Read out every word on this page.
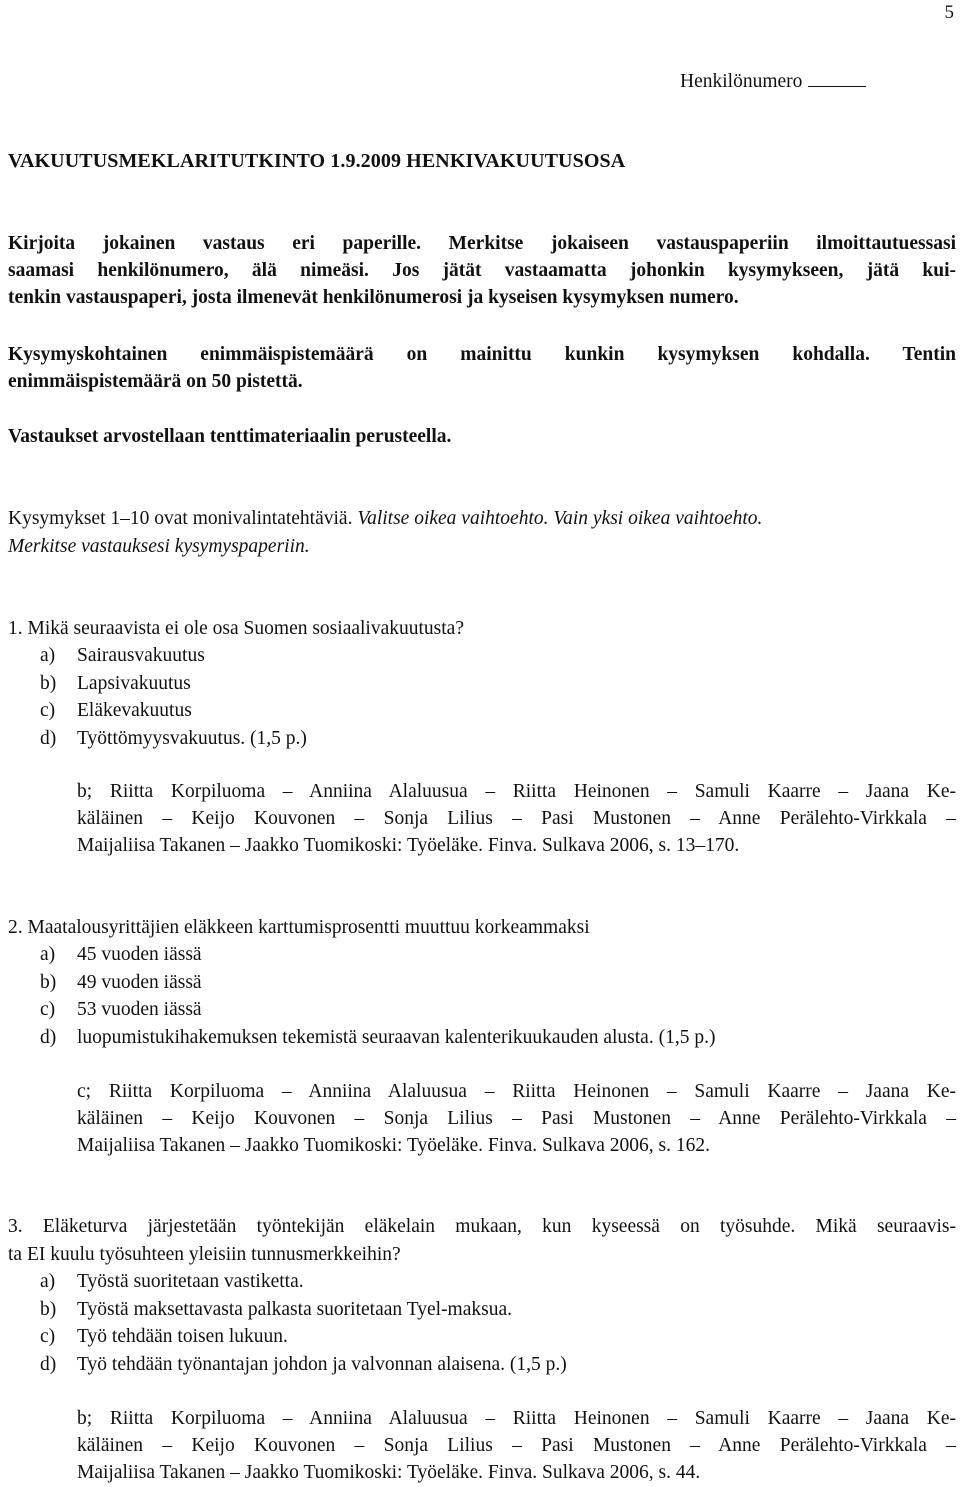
5
Henkilönumero
VAKUUTUSMEKLARITUTKINTO 1.9.2009 HENKIVAKUUTUSOSA
Kirjoita jokainen vastaus eri paperille. Merkitse jokaiseen vastauspaperiin ilmoittautuessasi
saamasi henkilönumero, älä nimeäsi. Jos jätät vastaamatta johonkin kysymykseen, jätä kui-
tenkin vastauspaperi, josta ilmenevät henkilönumerosi ja kyseisen kysymyksen numero.
Kysymyskohtainen enimmäispistemäärä on mainittu kunkin kysymyksen kohdalla. Tentin
enimmäispistemäärä on 50 pistettä.
Vastaukset arvostellaan tenttimateriaalin perusteella.
Kysymykset 1–10 ovat monivalintatehtäviä. Valitse oikea vaihtoehto. Vain yksi oikea vaihtoehto.
Merkitse vastauksesi kysymyspaperiin.
1. Mikä seuraavista ei ole osa Suomen sosiaalivakuutusta?
a)	Sairausvakuutus
b)	Lapsivakuutus
c)	Eläkevakuutus
d)	Työttömyysvakuutus. (1,5 p.)
b; Riitta Korpiluoma – Anniina Alaluusua – Riitta Heinonen – Samuli Kaarre – Jaana Ke-
käläinen – Keijo Kouvonen – Sonja Lilius – Pasi Mustonen – Anne Perälehto-Virkkala –
Maijaliisa Takanen – Jaakko Tuomikoski: Työeläke. Finva. Sulkava 2006, s. 13–170.
2. Maatalousyrittäjien eläkkeen karttumisprosentti muuttuu korkeammaksi
a)	45 vuoden iässä
b)	49 vuoden iässä
c)	53 vuoden iässä
d)	luopumistukihakemuksen tekemistä seuraavan kalenterikuukauden alusta. (1,5 p.)
c; Riitta Korpiluoma – Anniina Alaluusua – Riitta Heinonen – Samuli Kaarre – Jaana Ke-
käläinen – Keijo Kouvonen – Sonja Lilius – Pasi Mustonen – Anne Perälehto-Virkkala –
Maijaliisa Takanen – Jaakko Tuomikoski: Työeläke. Finva. Sulkava 2006, s. 162.
3. Eläketurva järjestetään työntekijän eläkelain mukaan, kun kyseessä on työsuhde. Mikä seuraavis-
ta EI kuulu työsuhteen yleisiin tunnusmerkkeihin?
a)	Työstä suoritetaan vastiketta.
b)	Työstä maksettavasta palkasta suoritetaan Tyel-maksua.
c)	Työ tehdään toisen lukuun.
d)	Työ tehdään työnantajan johdon ja valvonnan alaisena. (1,5 p.)
b; Riitta Korpiluoma – Anniina Alaluusua – Riitta Heinonen – Samuli Kaarre – Jaana Ke-
käläinen – Keijo Kouvonen – Sonja Lilius – Pasi Mustonen – Anne Perälehto-Virkkala –
Maijaliisa Takanen – Jaakko Tuomikoski: Työeläke. Finva. Sulkava 2006, s. 44.
